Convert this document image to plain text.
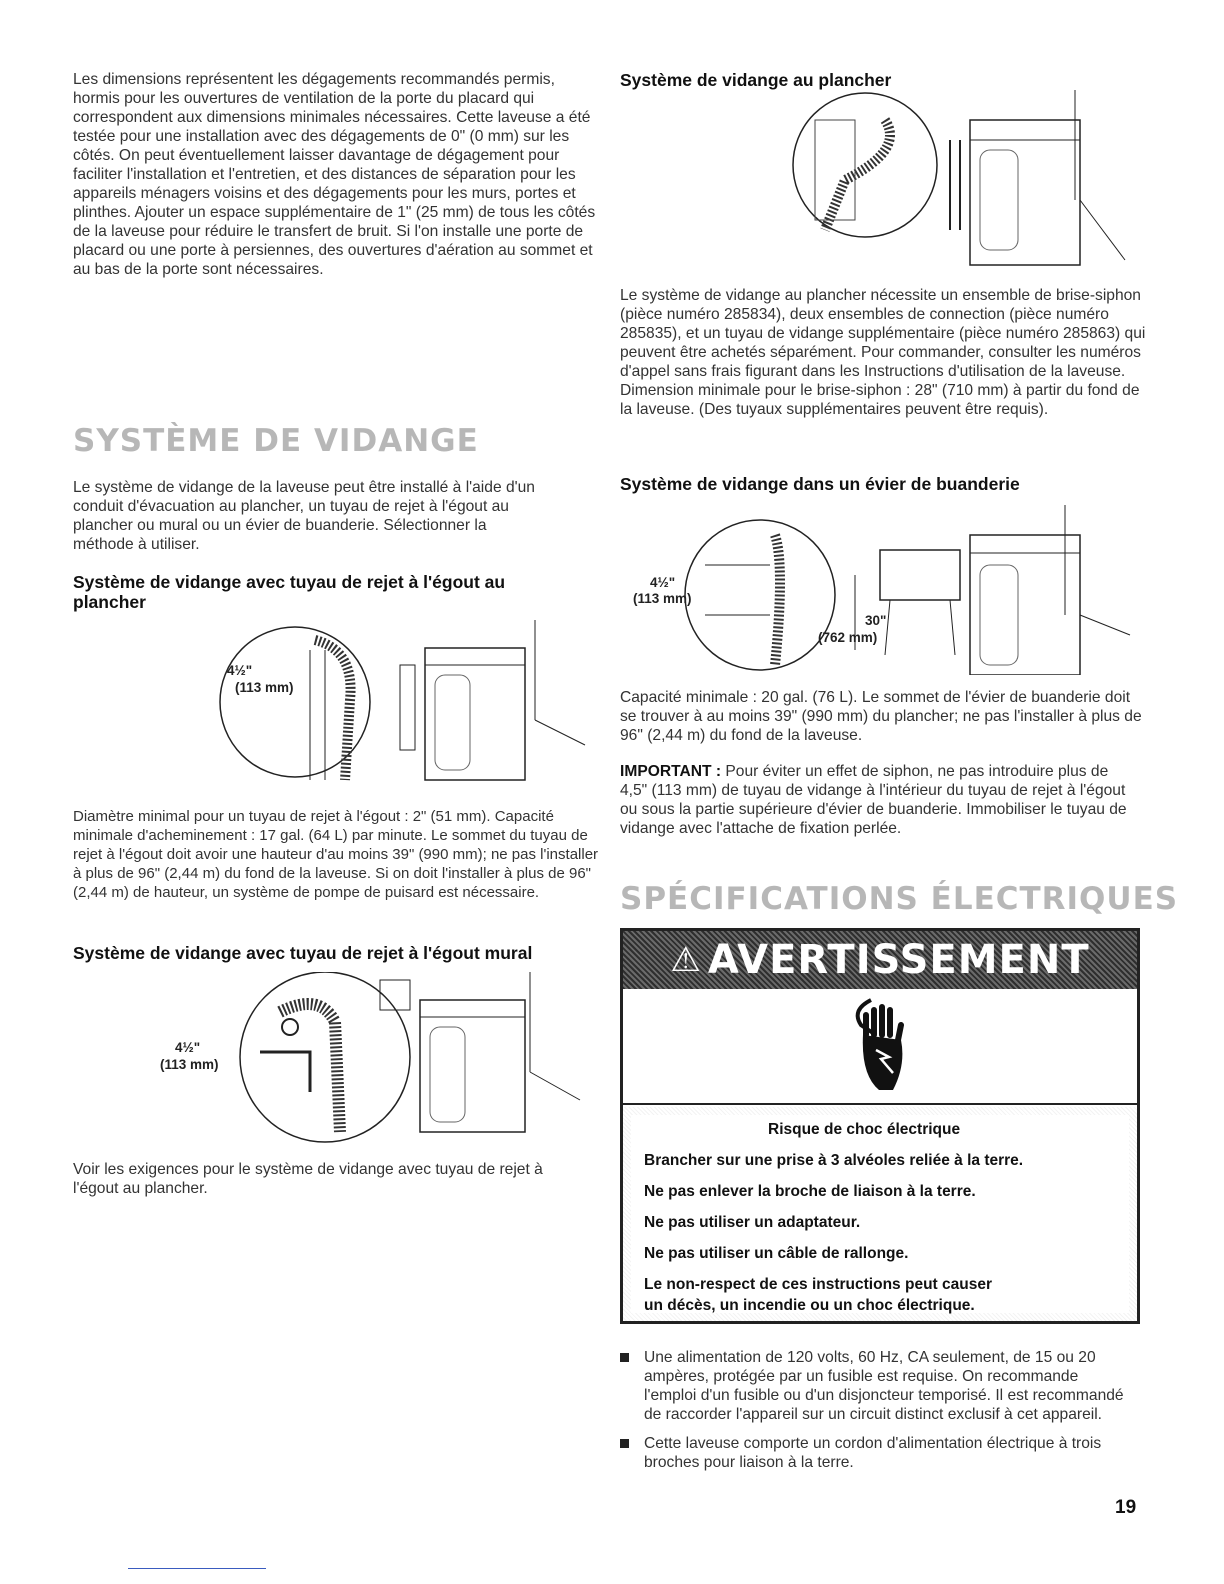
Les dimensions représentent les dégagements recommandés permis, hormis pour les ouvertures de ventilation de la porte du placard qui correspondent aux dimensions minimales nécessaires. Cette laveuse a été testée pour une installation avec des dégagements de 0" (0 mm) sur les côtés. On peut éventuellement laisser davantage de dégagement pour faciliter l'installation et l'entretien, et des distances de séparation pour les appareils ménagers voisins et des dégagements pour les murs, portes et plinthes. Ajouter un espace supplémentaire de 1" (25 mm) de tous les côtés de la laveuse pour réduire le transfert de bruit. Si l'on installe une porte de placard ou une porte à persiennes, des ouvertures d'aération au sommet et au bas de la porte sont nécessaires.

SYSTÈME DE VIDANGE

Le système de vidange de la laveuse peut être installé à l'aide d'un conduit d'évacuation au plancher, un tuyau de rejet à l'égout au plancher ou mural ou un évier de buanderie. Sélectionner la méthode à utiliser.

Système de vidange avec tuyau de rejet à l'égout au plancher
4½"
(113 mm)

Diamètre minimal pour un tuyau de rejet à l'égout : 2" (51 mm). Capacité minimale d'acheminement : 17 gal. (64 L) par minute. Le sommet du tuyau de rejet à l'égout doit avoir une hauteur d'au moins 39" (990 mm); ne pas l'installer à plus de 96" (2,44 m) du fond de la laveuse. Si on doit l'installer à plus de 96" (2,44 m) de hauteur, un système de pompe de puisard est nécessaire.

Système de vidange avec tuyau de rejet à l'égout mural
4½"
(113 mm)

Voir les exigences pour le système de vidange avec tuyau de rejet à l'égout au plancher.

Système de vidange au plancher

Le système de vidange au plancher nécessite un ensemble de brise-siphon (pièce numéro 285834), deux ensembles de connection (pièce numéro 285835), et un tuyau de vidange supplémentaire (pièce numéro 285863) qui peuvent être achetés séparément. Pour commander, consulter les numéros d'appel sans frais figurant dans les Instructions d'utilisation de la laveuse. Dimension minimale pour le brise-siphon : 28" (710 mm) à partir du fond de la laveuse. (Des tuyaux supplémentaires peuvent être requis).

Système de vidange dans un évier de buanderie
4½"
(113 mm)
30"
(762 mm)

Capacité minimale : 20 gal. (76 L). Le sommet de l'évier de buanderie doit se trouver à au moins 39" (990 mm) du plancher; ne pas l'installer à plus de 96" (2,44 m) du fond de la laveuse.

IMPORTANT : Pour éviter un effet de siphon, ne pas introduire plus de 4,5" (113 mm) de tuyau de vidange à l'intérieur du tuyau de rejet à l'égout ou sous la partie supérieure d'évier de buanderie. Immobiliser le tuyau de vidange avec l'attache de fixation perlée.

SPÉCIFICATIONS ÉLECTRIQUES
⚠ AVERTISSEMENT
Risque de choc électrique
Brancher sur une prise à 3 alvéoles reliée à la terre.
Ne pas enlever la broche de liaison à la terre.
Ne pas utiliser un adaptateur.
Ne pas utiliser un câble de rallonge.
Le non-respect de ces instructions peut causer
un décès, un incendie ou un choc électrique.
Une alimentation de 120 volts, 60 Hz, CA seulement, de 15 ou 20 ampères, protégée par un fusible est requise. On recommande l'emploi d'un fusible ou d'un disjoncteur temporisé. Il est recommandé de raccorder l'appareil sur un circuit distinct exclusif à cet appareil.
Cette laveuse comporte un cordon d'alimentation électrique à trois broches pour liaison à la terre.
19
